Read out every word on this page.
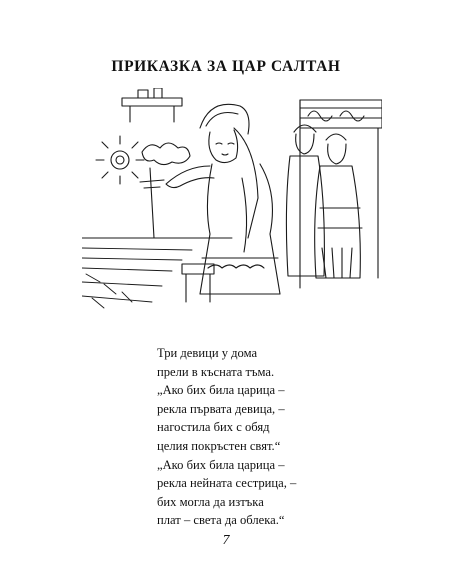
ПРИКАЗКА ЗА ЦАР САЛТАН
Три девици у дома
прели в късната тъма.
„Ако бих била царица –
рекла първата девица, –
нагостила бих с обяд
целия покръстен свят.“
„Ако бих била царица –
рекла нейната сестрица, –
бих могла да изтъка
плат – света да облека.“
7
